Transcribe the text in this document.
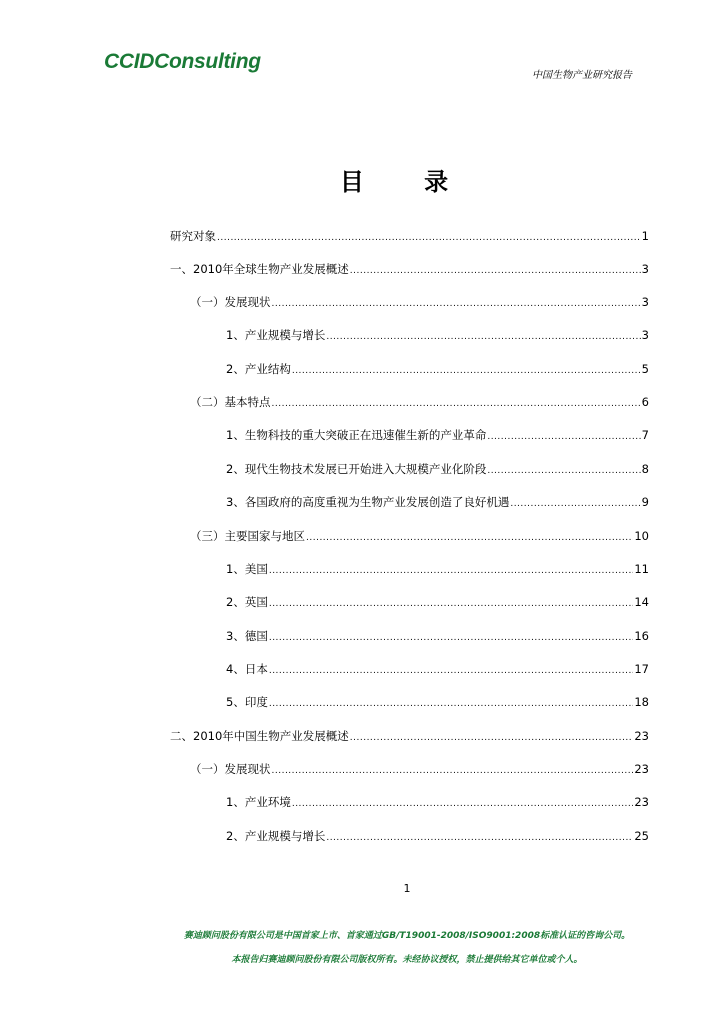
CCIDConsulting
中国生物产业研究报告
目 录
研究对象 .....	1
一、2010年全球生物产业发展概述 .....	3
（一）发展现状 .....	3
1、产业规模与增长 .....	3
2、产业结构 .....	5
（二）基本特点 .....	6
1、生物科技的重大突破正在迅速催生新的产业革命 .....	7
2、现代生物技术发展已开始进入大规模产业化阶段 .....	8
3、各国政府的高度重视为生物产业发展创造了良好机遇 .....	9
（三）主要国家与地区 .....	10
1、美国 .....	11
2、英国 .....	14
3、德国 .....	16
4、日本 .....	17
5、印度 .....	18
二、2010年中国生物产业发展概述 .....	23
（一）发展现状 .....	23
1、产业环境 .....	23
2、产业规模与增长 .....	25
1
赛迪顾问股份有限公司是中国首家上市、首家通过GB/T19001-2008/ISO9001:2008标准认证的咨询公司。
本报告归赛迪顾问股份有限公司版权所有。未经协议授权，禁止提供给其它单位或个人。
